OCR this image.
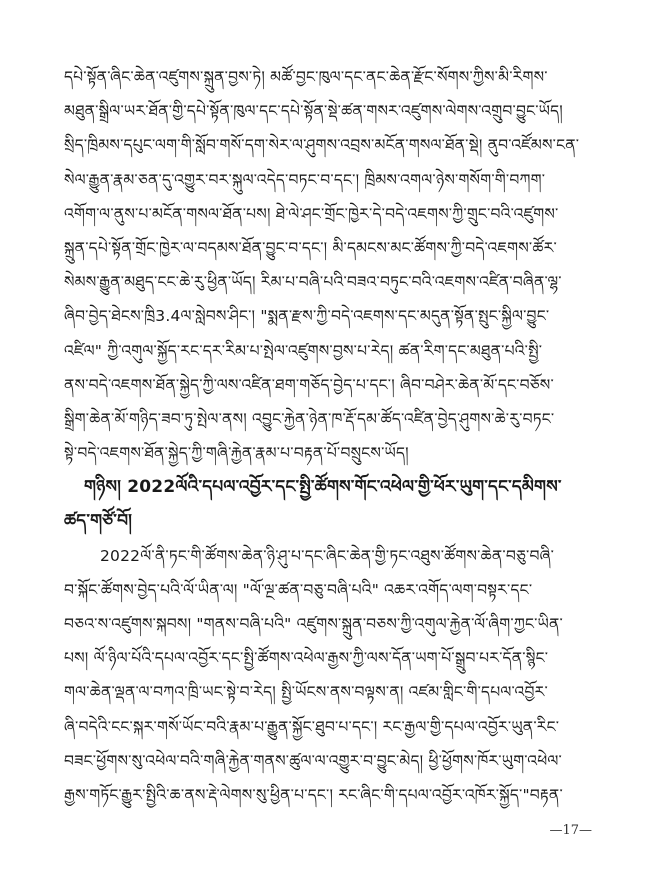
དཔེ་སྟོན་ཞིང་ཆེན་འཛུགས་སྐྲུན་བྱས་ཏེ། མཚོ་བྱང་ཁུལ་དང་ནང་ཆེན་རྫོང་སོགས་ཀྱིས་མི་རིགས་
མཐུན་སྒྲིལ་ཡར་ཐོན་གྱི་དཔེ་སྟོན་ཁུལ་དང་དཔེ་སྟོན་སྡེ་ཚན་གསར་འཛུགས་ལེགས་འགྲུབ་བྱུང་ཡོད།
སྲིད་ཁྲིམས་དཔུང་ལག་གི་སློབ་གསོ་དག་སེར་ལ་ཤུགས་འབྲས་མངོན་གསལ་ཐོན་སྡེ། ནུབ་འཛོམས་ངན་
སེལ་རྒྱུན་རྣམ་ཅན་དུ་འགྱུར་བར་སྐུལ་འདེད་བཏང་བ་དང་། ཁྲིམས་འགལ་ཉེས་གསོག་གི་བཀག་
འགོག་ལ་ནུས་པ་མངོན་གསལ་ཐོན་པས། ཐེ་ལེ་ཤང་གྲོང་ཁྱེར་དེ་བདེ་འཇགས་ཀྱི་གྲུང་བའི་འཛུགས་
སྐྲུན་དཔེ་སྟོན་གྲོང་ཁྱེར་ལ་བདམས་ཐོན་བྱུང་བ་དང་། མི་དམངས་མང་ཚོགས་ཀྱི་བདེ་འཇགས་ཚོར་
སེམས་རྒྱུན་མཐུད་ངང་ཆེ་རུ་ཕྱིན་ཡོད། རིམ་པ་བཞི་པའི་བཟའ་བཏུང་བའི་འཇགས་འཛིན་བཞིན་ལྷ་
ཞིབ་བྱེད་ཐེངས་ཁྲི3.4ལ་སླེབས་ཤིང་། "སྨན་རྫས་ཀྱི་བདེ་འཇགས་དང་མདུན་སྟོན་སྤུང་སྐྱིལ་བྱུང་
འཛིལ" ཀྱི་འགུལ་སྐྱོད་རང་དར་རིམ་པ་སྤེལ་འཛུགས་བྱས་པ་རེད། ཚན་རིག་དང་མཐུན་པའི་སྤྱི་
ནས་བདེ་འཇགས་ཐོན་སྐྱེད་ཀྱི་ལས་འཛིན་ཐག་གཅོད་བྱེད་པ་དང་། ཞིབ་བཤེར་ཆེན་མོ་དང་བཅོས་
སྒྲིག་ཆེན་མོ་གཉིད་ཟབ་ཏུ་སྤེལ་ནས། འབྱུང་རྐྱེན་ཉེན་ཁ་རྡོ་དམ་ཚོད་འཛིན་བྱེད་ཤུགས་ཆེ་རུ་བཏང་
སྟེ་བདེ་འཇགས་ཐོན་སྐྱེད་ཀྱི་གཞི་རྐྱེན་རྣམ་པ་བརྟན་པོ་བསྲུངས་ཡོད།
གཉིས། 2022ལོའི་དཔལ་འབྱོར་དང་སྤྱི་ཚོགས་གོང་འཕེལ་གྱི་ཕོར་ཡུག་དང་དམིགས་
ཚད་གཙོ་བོ།
2022ལོ་ནི་ཏང་གི་ཚོགས་ཆེན་ཉི་ཤུ་པ་དང་ཞིང་ཆེན་གྱི་ཏང་འཐུས་ཚོགས་ཆེན་བཅུ་བཞི་
བ་སྐོང་ཚོགས་བྱེད་པའི་ལོ་ཡིན་ལ། "ལོ་ལྔ་ཚན་བཅུ་བཞི་པའི" འཆར་འགོད་ལག་བསྟར་དང་
བཅའ་ས་འཛུགས་སྐབས། "གནས་བཞི་པའི" འཛུགས་སྐྲུན་བཅས་ཀྱི་འགུལ་རྐྱེན་ལོ་ཞིག་ཀྱང་ཡིན་
པས། ལོ་ཉིལ་པོའི་དཔལ་འབྱོར་དང་སྤྱི་ཚོགས་འཕེལ་རྒྱས་ཀྱི་ལས་དོན་ཡག་པོ་སྒྲུབ་པར་དོན་སྙིང་
གལ་ཆེན་ལྡན་ལ་བཀའ་ཁྲི་ཡང་སྟེ་བ་རེད། སྤྱི་ཡོངས་ནས་བལྟས་ན། འཛམ་གླིང་གི་དཔལ་འབྱོར་
ཞི་བདེའི་ངང་སྐར་གསོ་ཡོང་བའི་རྣམ་པ་རྒྱུན་སྐྱོང་ཐུབ་པ་དང་། རང་རྒྱལ་གྱི་དཔལ་འབྱོར་ཡུན་རིང་
བཟང་ཕྱོགས་སུ་འཕེལ་བའི་གཞི་རྐྱེན་གནས་ཚུལ་ལ་འགྱུར་བ་བྱུང་མེད། ཕྱི་ཕྱོགས་ཁོར་ཡུག་འཕེལ་
རྒྱས་གཏོང་རྒྱུར་སྤྱིའི་ཆ་ནས་རྡེ་ལེགས་སུ་ཕྱིན་པ་དང་། རང་ཞིང་གི་དཔལ་འབྱོར་འཁོར་སྐྱོད་"བརྟན་
—17—
